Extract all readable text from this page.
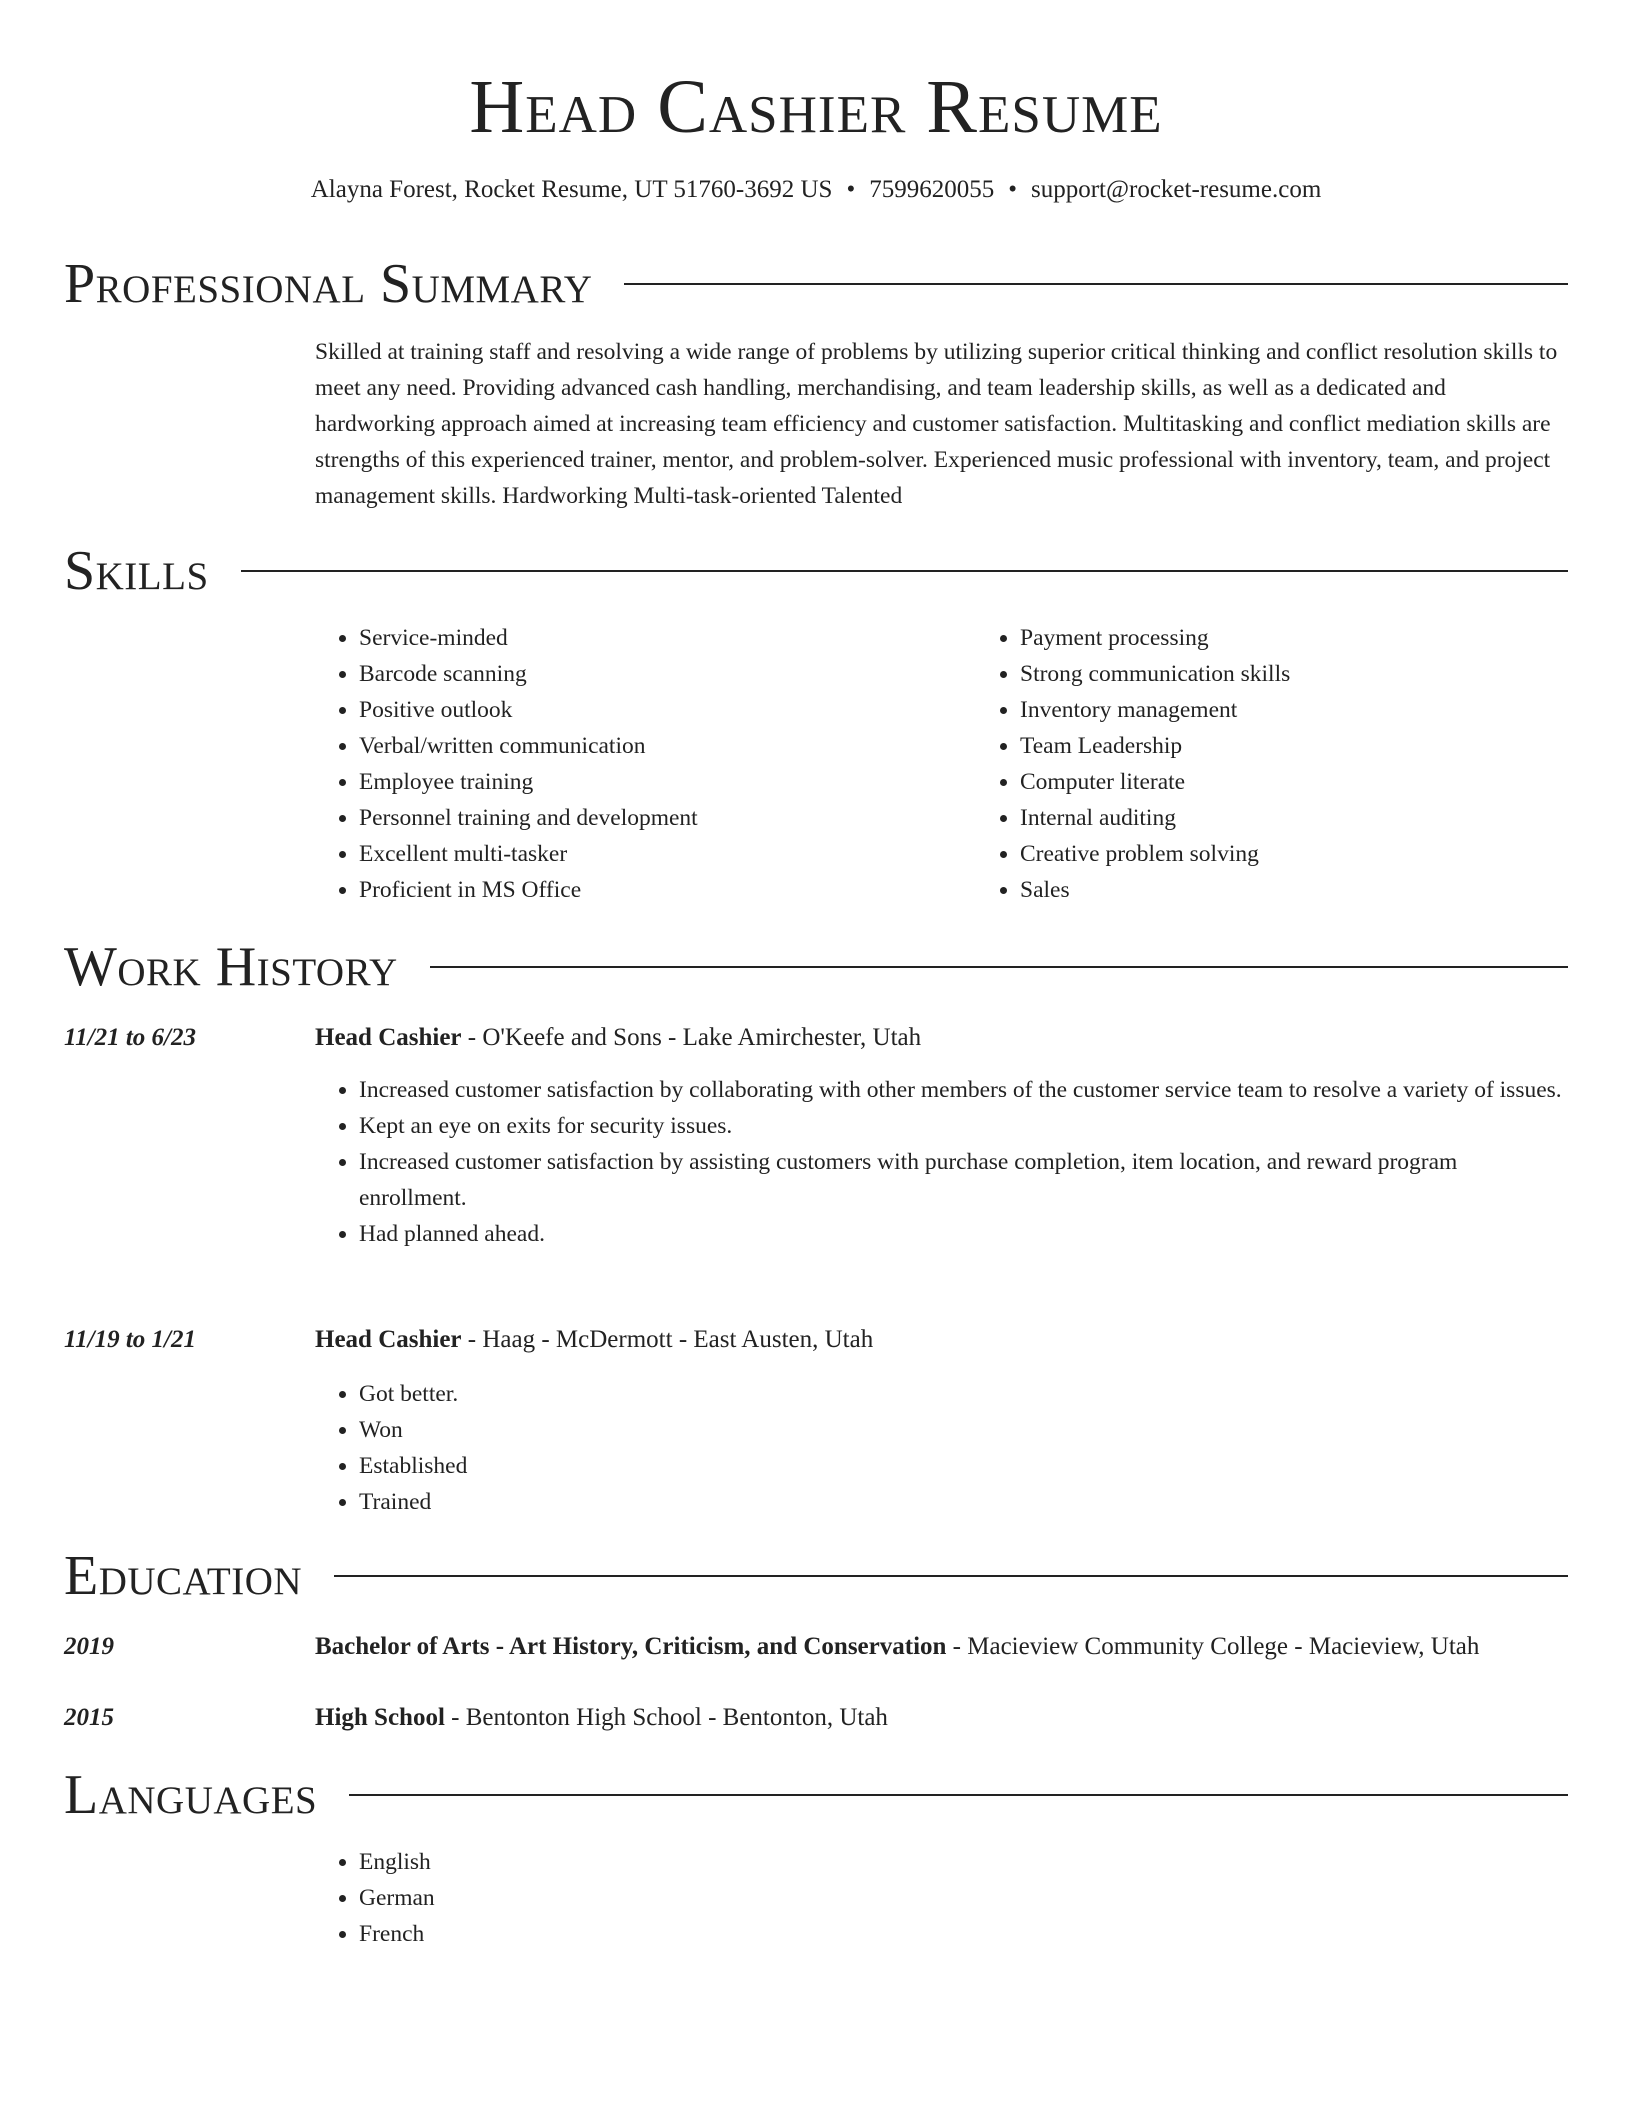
Head Cashier Resume
Alayna Forest, Rocket Resume, UT 51760-3692 US • 7599620055 • support@rocket-resume.com
Professional Summary

Skilled at training staff and resolving a wide range of problems by utilizing superior critical thinking and conflict resolution skills to meet any need. Providing advanced cash handling, merchandising, and team leadership skills, as well as a dedicated and hardworking approach aimed at increasing team efficiency and customer satisfaction. Multitasking and conflict mediation skills are strengths of this experienced trainer, mentor, and problem-solver. Experienced music professional with inventory, team, and project management skills. Hardworking Multi-task-oriented Talented

Skills
• Service-minded
• Barcode scanning
• Positive outlook
• Verbal/written communication
• Employee training
• Personnel training and development
• Excellent multi-tasker
• Proficient in MS Office
• Payment processing
• Strong communication skills
• Inventory management
• Team Leadership
• Computer literate
• Internal auditing
• Creative problem solving
• Sales
Work History
11/21 to 6/23	Head Cashier - O'Keefe and Sons - Lake Amirchester, Utah
• Increased customer satisfaction by collaborating with other members of the customer service team to resolve a variety of issues.
• Kept an eye on exits for security issues.
• Increased customer satisfaction by assisting customers with purchase completion, item location, and reward program enrollment.
• Had planned ahead.
11/19 to 1/21	Head Cashier - Haag - McDermott - East Austen, Utah
• Got better.
• Won
• Established
• Trained
Education
2019	Bachelor of Arts - Art History, Criticism, and Conservation - Macieview Community College - Macieview, Utah
2015	High School - Bentonton High School - Bentonton, Utah
Languages
• English
• German
• French
